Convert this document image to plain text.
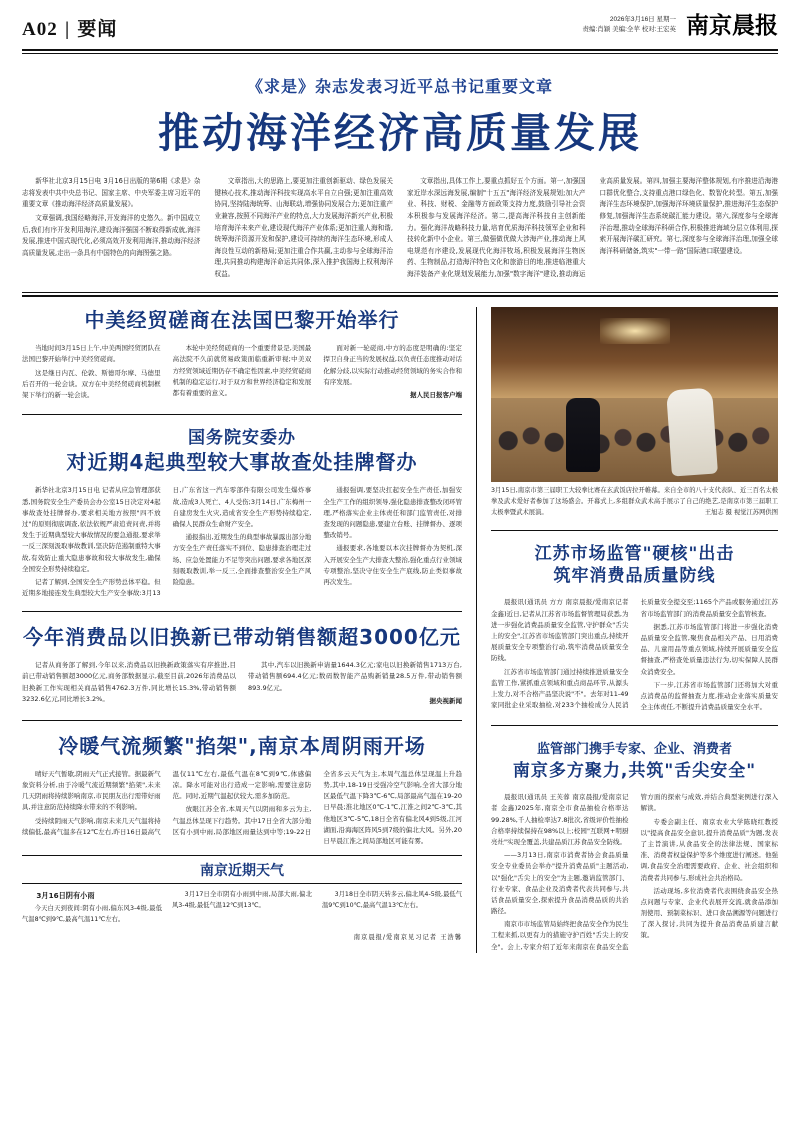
A02 | 要闻	2026年3月16日 星期一
责编:肖颖 美编:全苹 校对:王宏英 南京晨报
《求是》杂志发表习近平总书记重要文章
推动海洋经济高质量发展

新华社北京3月15日电 3月16日出版的第6期《求是》杂志将发表中共中央总书记、国家主席、中央军委主席习近平的重要文章《推动海洋经济高质量发展》。

文章强调,我国经略海洋,开发海洋的史悠久。新中国成立后,我们有序开发利用海洋,建设海洋强国不断取得新成就,海洋发展,推进中国式现代化,必须高效开发利用海洋,推动海洋经济高质量发展,走出一条具有中国特色的向海图强之路。

文章指出,大的思路上,要更加注重创新驱动、绿色发展关键核心技术,推动海洋科技实现高水平自立自强;更加注重高效协同,坚持陆海统筹、山海联动,增强协同发展合力;更加注重产业兼容,按照不同海洋产业的特点,大力发展海洋新兴产业,积极培育海洋未来产业,建设现代海洋产业体系;更加注重人海和谐,统筹海洋资源开发和保护,建设可持续的海洋生态环境,形成人海良性互动的新格局;更加注重合作共赢,主动参与全球海洋治理,共同推动构建海洋命运共同体,深入推护我国海上权利海洋权益。

文章指出,具体工作上,要重点抓好五个方面。第一,加强国家近岸水深远海发展,编制"十五五"海洋经济发展规划;加大产业、科技、财税、金融等方面政策支持力度,鼓励引导社会资本积极参与发展海洋经济。第二,提高海洋科技自主创新能力。强化海洋战略科技力量,培育优质海洋科技领军企业和科技转化新中小企业。第三,做强做优做大涉海产业,推动海上风电规范有序建设,发展现代化海洋牧场,积极发展海洋生物医药、生物制品,打造海洋特色文化和旅游目的地,推进临港重大海洋装备产业化规划发展能力,加强"数字海洋"建设,推动海运业高质量发展。第四,加强主要海洋整体规划,有序推进沿海港口群优化整合,支持重点港口绿色化、数智化转型。第五,加强海洋生态环境保护,加强海洋环境质量保护,推进海洋生态保护修复,加强海洋生态系统碳汇能力建设。第六,深度参与全球海洋治理,推动全球海洋科研合作,积极推进海域分层立体利用,探索开展海洋碳汇研究。第七,深度参与全球海洋治理,加强全球海洋科研储备,筑实"一带一路"国际港口联盟建设。

中美经贸磋商在法国巴黎开始举行

当地时间3月15日上午,中美两国经贸团队在法国巴黎开始举行中美经贸磋商。

这是继日内瓦、伦敦、斯德哥尔摩、马德里后召开的一轮会谈。双方在中美经贸磋商机制框架下举行的新一轮会谈。

本轮中美经贸磋商的一个重要背景是,美国最高法院不久前就贸易政策面临重新审视;中美双方经贸领域近期仍存不确定性因素,中美经贸磋商机制的稳定运行,对于双方和世界经济稳定和发展都有着重要的意义。

面对新一轮磋商,中方的态度是明确的:坚定捍卫自身正当的发展权益,以负责任态度推动对话化解分歧,以实际行动推动经贸领域的务实合作和有序发展。

据人民日报客户端

国务院安委办
对近期4起典型较大事故查处挂牌督办

新华社北京3月15日电 记者从应急管理部获悉,国务院安全生产委员会办公室15日决定对4起事故查处挂牌督办,要求相关地方按照"四不放过"的原则彻底调查,依法依规严肃追责问责,并将发生于近期典型较大事故情况的要急通报,要求举一反三深刻汲取事故教训,坚决防范遏制重特大事故,有效防止重大隐患事故和较大事故发生,确保全国安全形势持续稳定。

记者了解到,全国安全生产形势总体平稳。但近期多地接连发生典型较大生产安全事故:3月13日,广东省这一汽车零部件有限公司发生爆炸事故,造成3人死亡、4人受伤;3月14日,广东梅州一自建房发生火灾,造成省安全生产形势持续稳定,确保人民群众生命财产安全。

通报指出,近期发生的典型事故暴露出部分地方安全生产责任落实不到位、隐患排查治理走过场、应急处置能力不足等突出问题,要求各地区深刻吸取教训,举一反三,全面排查整治安全生产风险隐患。

通报强调,要坚决扛起安全生产责任,加强安全生产工作的组织领导,强化隐患排查整改闭环管理,严格落实企业主体责任和部门监管责任,对排查发现的问题隐患,要建立台账、挂牌督办、逐项整改销号。

通报要求,各地要以本次挂牌督办为契机,深入开展安全生产大排查大整治,强化重点行业领域专项整治,坚决守住安全生产底线,防止类似事故再次发生。

今年消费品以旧换新已带动销售额超3000亿元

记者从商务部了解到,今年以来,消费品以旧换新政策落实有序推进,目前已带动销售额超3000亿元,商务部数据显示,截至目前,2026年消费品以旧换新工作实现相关商品销售4762.3万件,同比增长15.3%,带动销售额3232.6亿元,同比增长3.2%。

其中,汽车以旧换新申请量1644.3亿元;家电以旧换新销售1713万台,带动销售额694.4亿元;数码数智能产品购新销量28.5万件,带动销售额893.9亿元。

据央视新闻

冷暖气流频繁"掐架",南京本周阴雨开场

晴好天气暂歇,阴雨天气正式接管。据最新气象资料分析,由于冷暖气流近期频繁"掐架",未来几天阴雨将持续影响南京,市民朋友出行需带好雨具,并注意防范持续降水带来的不利影响。

受持续阴雨天气影响,南京未来几天气温将持续偏低,最高气温多在12℃左右,昨日16日最高气温仅11℃左右,最低气温在8℃到9℃,体感偏凉。降水可能对出行造成一定影响,需要注意防范。同时,近期气温起伏较大,需多加防范。

放眼江苏全省,本周天气以阴雨和多云为主,气温总体呈现下行趋势。其中17日全省大部分地区有小到中雨,局部地区雨量达到中等;19-22日全省多云天气为主,本周气温总体呈现温上升趋势,其中,18-19日受强冷空气影响,全省大部分地区最低气温下降3℃-6℃,局部最高气温在19-20日早晨;淮北地区0℃-1℃,江淮之间2℃-3℃,其他地区3℃-5℃,18日全省有偏北风4到5级,江河湖面,沿海海区阵风5到7级的偏北大风。另外,20日早晨江淮之间局部地区可能有雾。

南京近期天气

3月16日阴有小雨

今天白天到夜间:阴有小雨,偏东风3-4级,最低气温8℃到9℃,最高气温11℃左右。

3月17日全市阴有小雨到中雨,局部大雨,偏北风3-4级,最低气温12℃到13℃。

3月18日全市阴天转多云,偏北风4-5级,最低气温9℃到10℃,最高气温13℃左右。

南京晨报/爱南京见习记者 王浩馨
3月15日,南京市第三届职工大较拳比赛在玄武饭店拉开帷幕。来自全市的八十支代表队、近三百名太极拳及武术爱好者参加了这场盛会。开幕式上,多组群众武术高手展示了自己的绝艺,是南京市第三届职工太极拳暨武术展演。	王旭志 摄 视觉江苏网供图
江苏市场监管"硬核"出击
筑牢消费品质量防线

晨报讯(通讯员 方方 南京晨报/爱南京记者 金鑫)近日,记者从江苏省市场监督管理局获悉,为进一步强化消费品质量安全监管,守护群众"舌尖上的安全",江苏省市场监管部门突出重点,持续开展质量安全专项整治行动,筑牢消费品质量安全防线。

江苏省市场监管部门通过持续推进质量安全监管工作,紧抓重点领域和重点商品环节,从源头上发力,对不合格产品坚决说"不"。去年对11-49家同批企业采取抽检,对233个抽检成分人民消长质量安全提交至;1165个产品或服务通过江苏省市场监管部门的消费品质量安全监管核查。

据悉,江苏市场监管部门将进一步强化消费品质量安全监管,聚焦食品相关产品、日用消费品、儿童用品等重点领域,持续开展质量安全监督抽查,严格查处质量违法行为,切实保障人民群众消费安全。

下一步,江苏省市场监管部门还将加大对重点消费品的监督抽查力度,推动企业落实质量安全主体责任,不断提升消费品质量安全水平。

监管部门携手专家、企业、消费者
南京多方聚力,共筑"舌尖安全"

晨报讯(通讯员 王芙蓉 南京晨报/爱南京记者 金鑫)2025年,南京全市食品抽检合格率达99.28%,千人抽检率达7.8批次,省级评价性抽检合格率持续保持在98%以上;校园"互联网+明厨亮灶"实现全覆盖,共建品质江苏食品安全防线。

——3月13日,南京市消费者协会食品质量安全专业委员会举办"提升消费品质"主题活动,以"强化"舌尖上的安全"为主题,邀请监管部门、行业专家、食品企业及消费者代表共同参与,共话食品质量安全,探索提升食品消费品质的共治路径。

南京市市场监管局始终把食品安全作为民生工程来抓,以更有力的措施守护百姓"舌尖上的安全"。会上,专家介绍了近年来南京在食品安全监管方面的探索与成效,并结合典型案例进行深入解读。

专委会副主任、南京农业大学陈晓红教授以"提高食品安全意识,提升消费品质"为题,发表了主旨演讲,从食品安全的法律法规、国家标准、消费者权益保护等多个维度进行阐述。他强调,食品安全治理需要政府、企业、社会组织和消费者共同参与,形成社会共治格局。

活动现场,多位消费者代表围绕食品安全热点问题与专家、企业代表展开交流,就食品添加剂使用、预制菜标识、进口食品溯源等问题进行了深入探讨,共同为提升食品消费品质建言献策。
